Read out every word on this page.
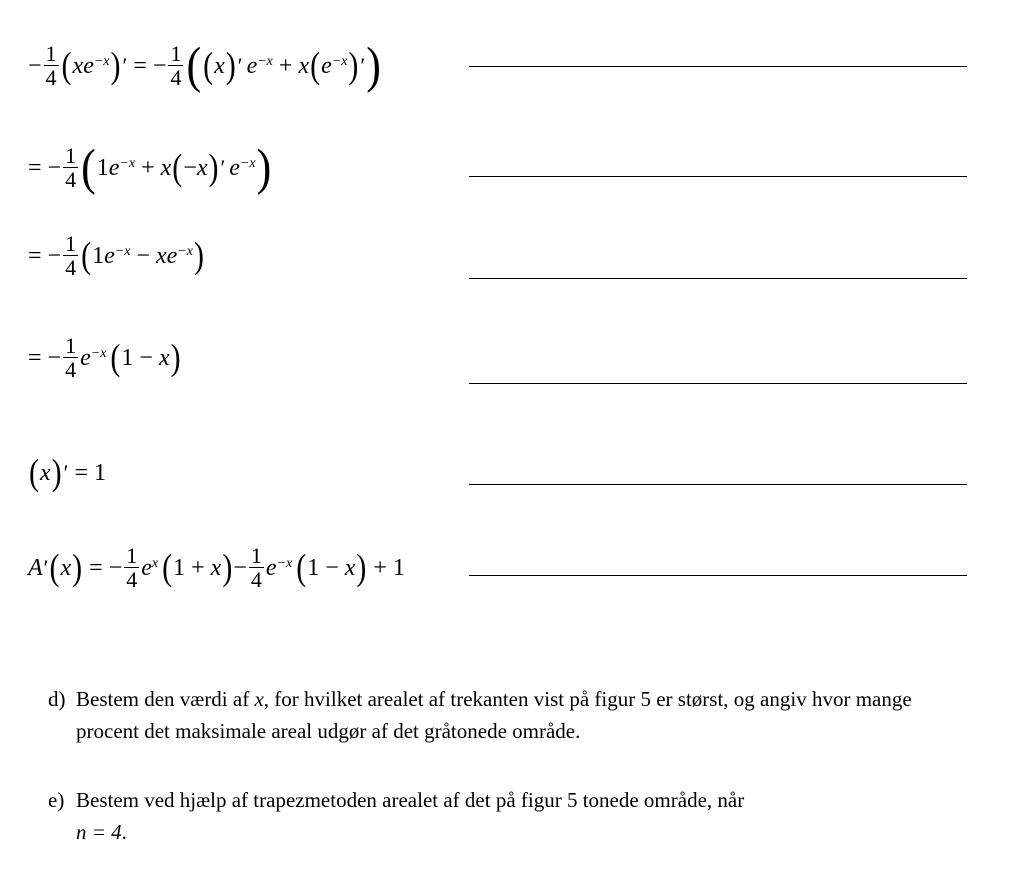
− $\frac{1}{4}$ ( $xe^{-x}$ ) ′ = − $\frac{1}{4}$ ( ( x ) ′ $e^{-x} + x$ ( $e^{-x}$ ) ′ )
= − $\frac{1}{4}$ ( 1 $e^{-x} + x$ ( − x ) ′ $e^{-x}$ )
= − $\frac{1}{4}$ ( 1 $e^{-x} - xe^{-x}$ )
= − $\frac{1}{4} e^{-x}$ ( 1 − x )
( x ) ′ = 1
A ′ ( x ) = − $\frac{1}{4} e^x$ ( 1 + x ) − $\frac{1}{4} e^{-x}$ ( 1 − x ) + 1
d) Bestem den værdi af x, for hvilket arealet af trekanten vist på figur 5 er størst, og angiv hvor mange procent det maksimale areal udgør af det gråtonede område.
e) Bestem ved hjælp af trapezmetoden arealet af det på figur 5 tonede område, når
n = 4.
